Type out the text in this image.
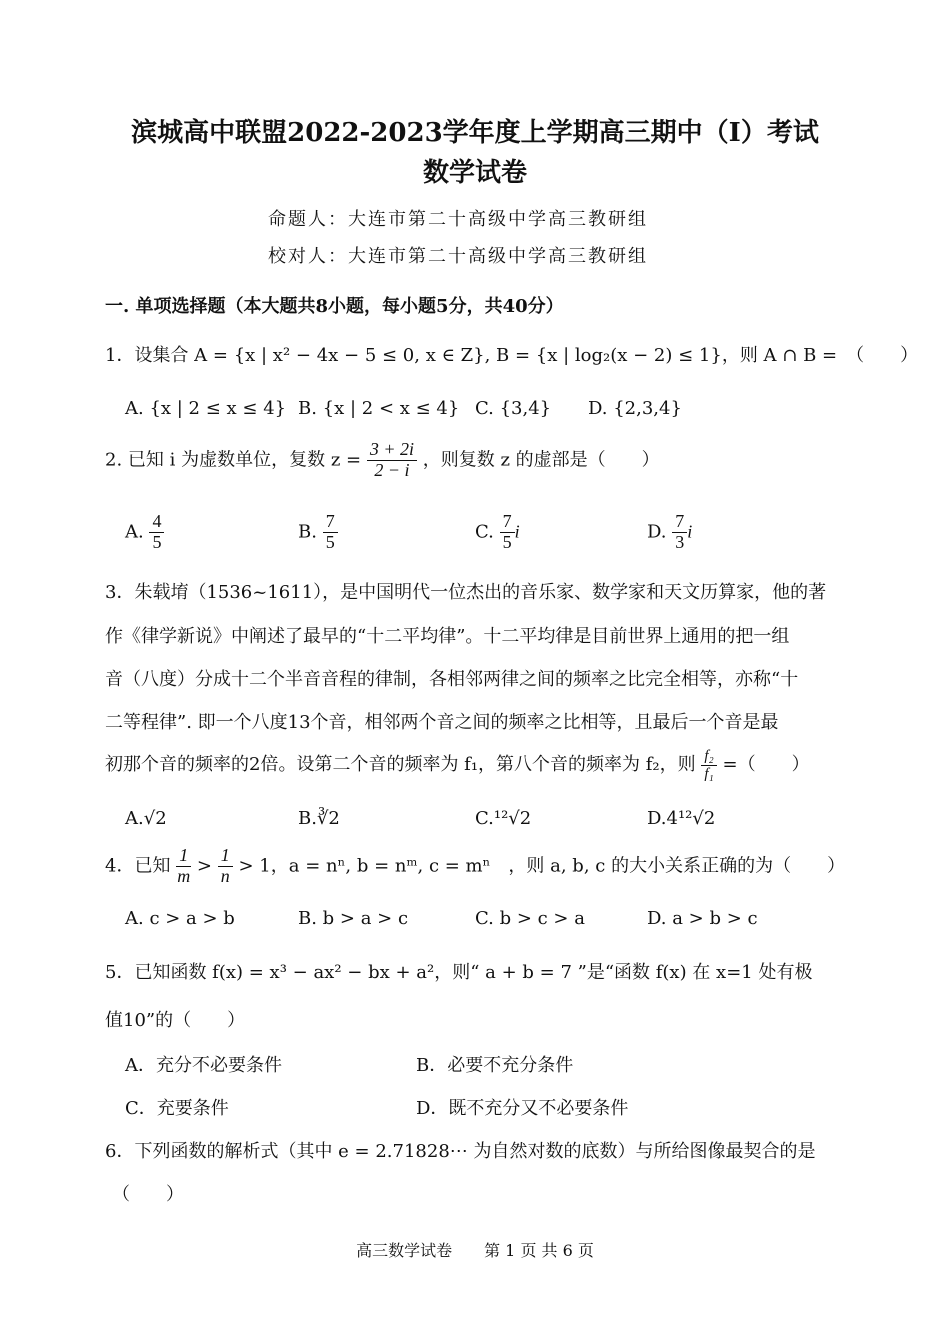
滨城高中联盟2022-2023学年度上学期高三期中（Ⅰ）考试
数学试卷
命题人：大连市第二十高级中学高三教研组
校对人：大连市第二十高级中学高三教研组
一. 单项选择题（本大题共8小题，每小题5分，共40分）
1．设集合 A = {x | x² − 4x − 5 ≤ 0, x ∈ Z}, B = {x | log₂(x − 2) ≤ 1}，则 A ∩ B =　（　　）
A. {x | 2 ≤ x ≤ 4} B. {x | 2 < x ≤ 4} C. {3,4} D. {2,3,4}
2. 已知 i 为虚数单位，复数 $z = \frac{3 + 2i}{2 - i}$ ，则复数 z 的虚部是（　　）
A. $\frac{4}{5}$	B. $\frac{7}{5}$	C. $\frac{7}{5}$ i	D. $\frac{7}{3}$ i
3．朱载堉（1536~1611），是中国明代一位杰出的音乐家、数学家和天文历算家，他的著
作《律学新说》中阐述了最早的“十二平均律”。十二平均律是目前世界上通用的把一组
音（八度）分成十二个半音音程的律制，各相邻两律之间的频率之比完全相等，亦称“十
二等程律”. 即一个八度13个音，相邻两个音之间的频率之比相等，且最后一个音是最
初那个音的频率的2倍。设第二个音的频率为 f₁，第八个音的频率为 f₂，则 $\frac{\text{f₂}}{\text{f₁}}$ =（　　）
A.√2	B.∛2	C.¹²√2	D.4¹²√2
4．已知 $\frac{1}{m} > \frac{1}{n} > 1$，a = nⁿ, b = nᵐ, c = mⁿ　，则 a, b, c 的大小关系正确的为（　　）
A. c > a > b	B. b > a > c	C. b > c > a	D. a > b > c
5．已知函数 f(x) = x³ − ax² − bx + a²，则“ a + b = 7 ”是“函数 f(x) 在 x=1 处有极
值10”的（　　）
A．充分不必要条件	B．必要不充分条件
C．充要条件	D．既不充分又不必要条件
6．下列函数的解析式（其中 e = 2.71828⋯ 为自然对数的底数）与所给图像最契合的是
（　　）
高三数学试卷　　第 1 页 共 6 页
